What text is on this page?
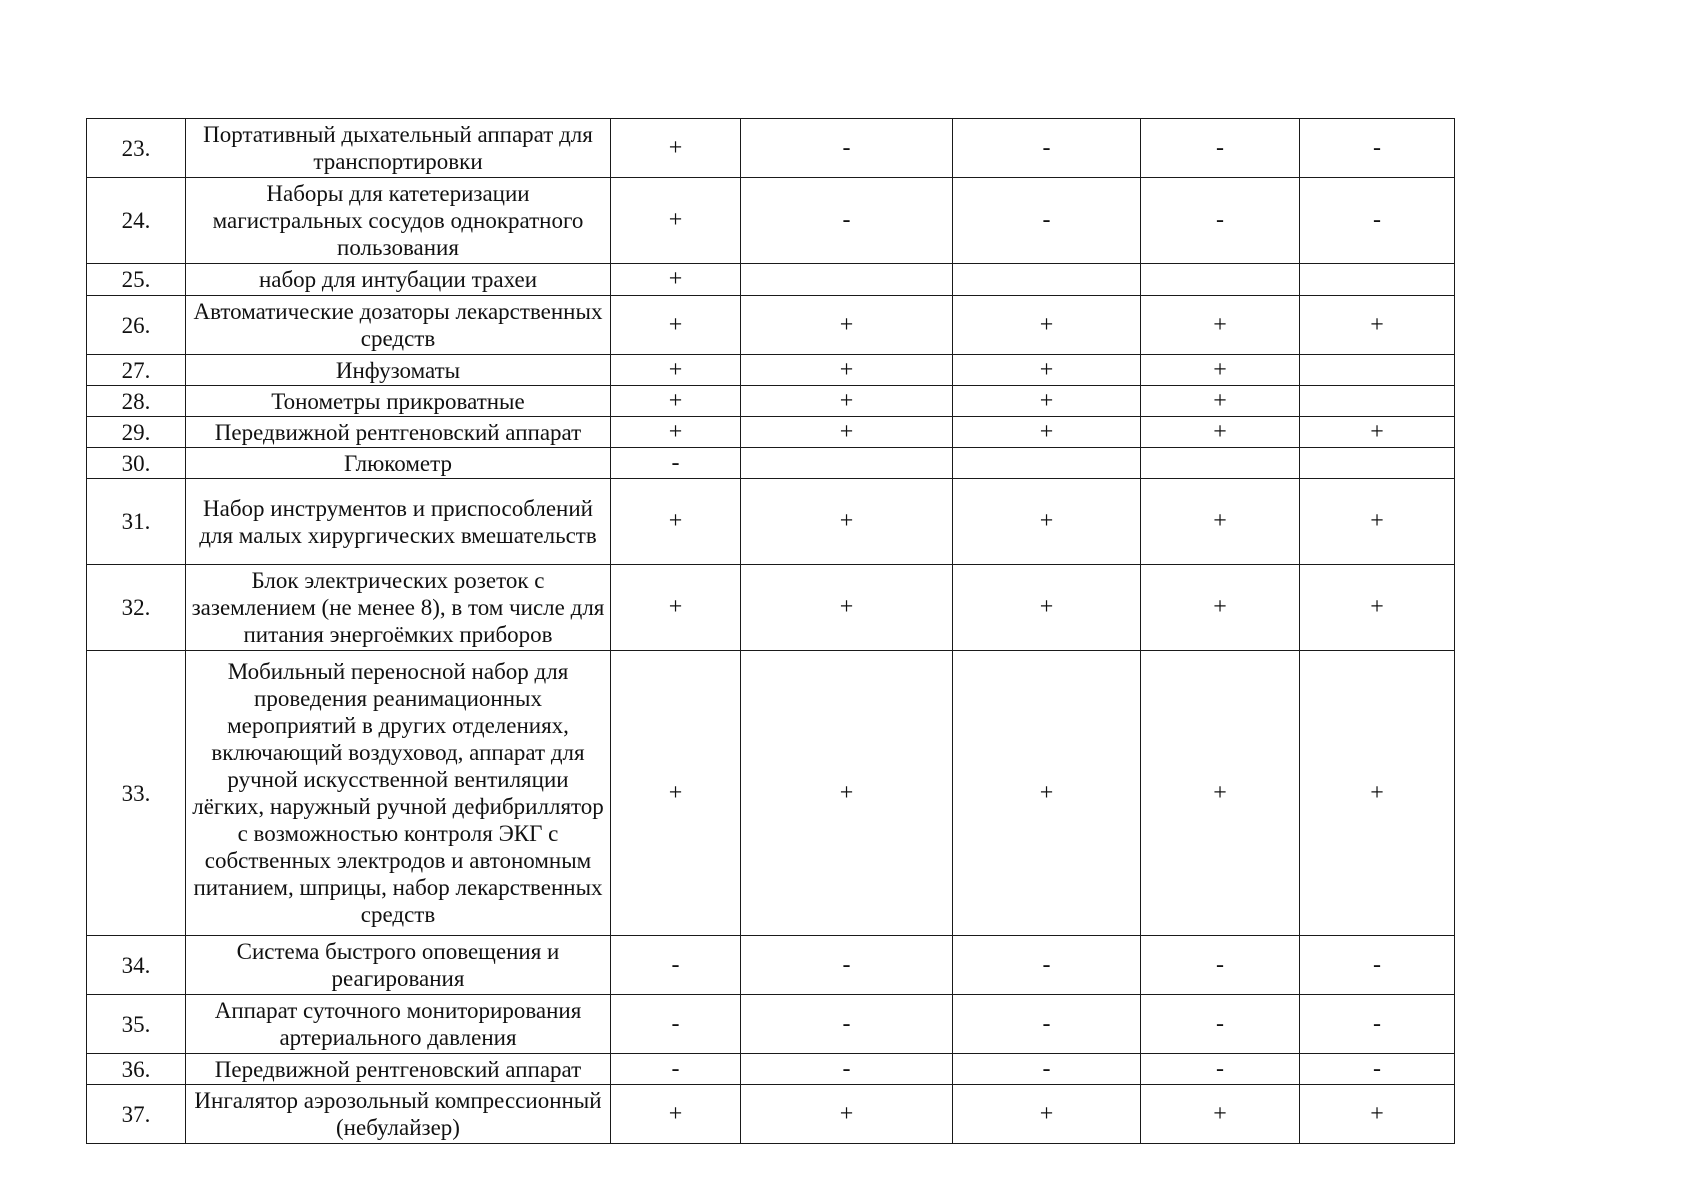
23.	Портативный дыхательный аппарат для транспортировки	+	-	-	-	-
24.	Наборы для катетеризации магистральных сосудов однократного пользования	+	-	-	-	-
25.	набор для интубации трахеи	+				
26.	Автоматические дозаторы лекарственных средств	+	+	+	+	+
27.	Инфузоматы	+	+	+	+	
28.	Тонометры прикроватные	+	+	+	+	
29.	Передвижной рентгеновский аппарат	+	+	+	+	+
30.	Глюкометр	-				
31.	Набор инструментов и приспособлений для малых хирургических вмешательств	+	+	+	+	+
32.	Блок электрических розеток с заземлением (не менее 8), в том числе для питания энергоёмких приборов	+	+	+	+	+
33.	Мобильный переносной набор для проведения реанимационных мероприятий в других отделениях, включающий воздуховод, аппарат для ручной искусственной вентиляции лёгких, наружный ручной дефибриллятор с возможностью контроля ЭКГ с собственных электродов и автономным питанием, шприцы, набор лекарственных средств	+	+	+	+	+
34.	Система быстрого оповещения и реагирования	-	-	-	-	-
35.	Аппарат суточного мониторирования артериального давления	-	-	-	-	-
36.	Передвижной рентгеновский аппарат	-	-	-	-	-
37.	Ингалятор аэрозольный компрессионный (небулайзер)	+	+	+	+	+
